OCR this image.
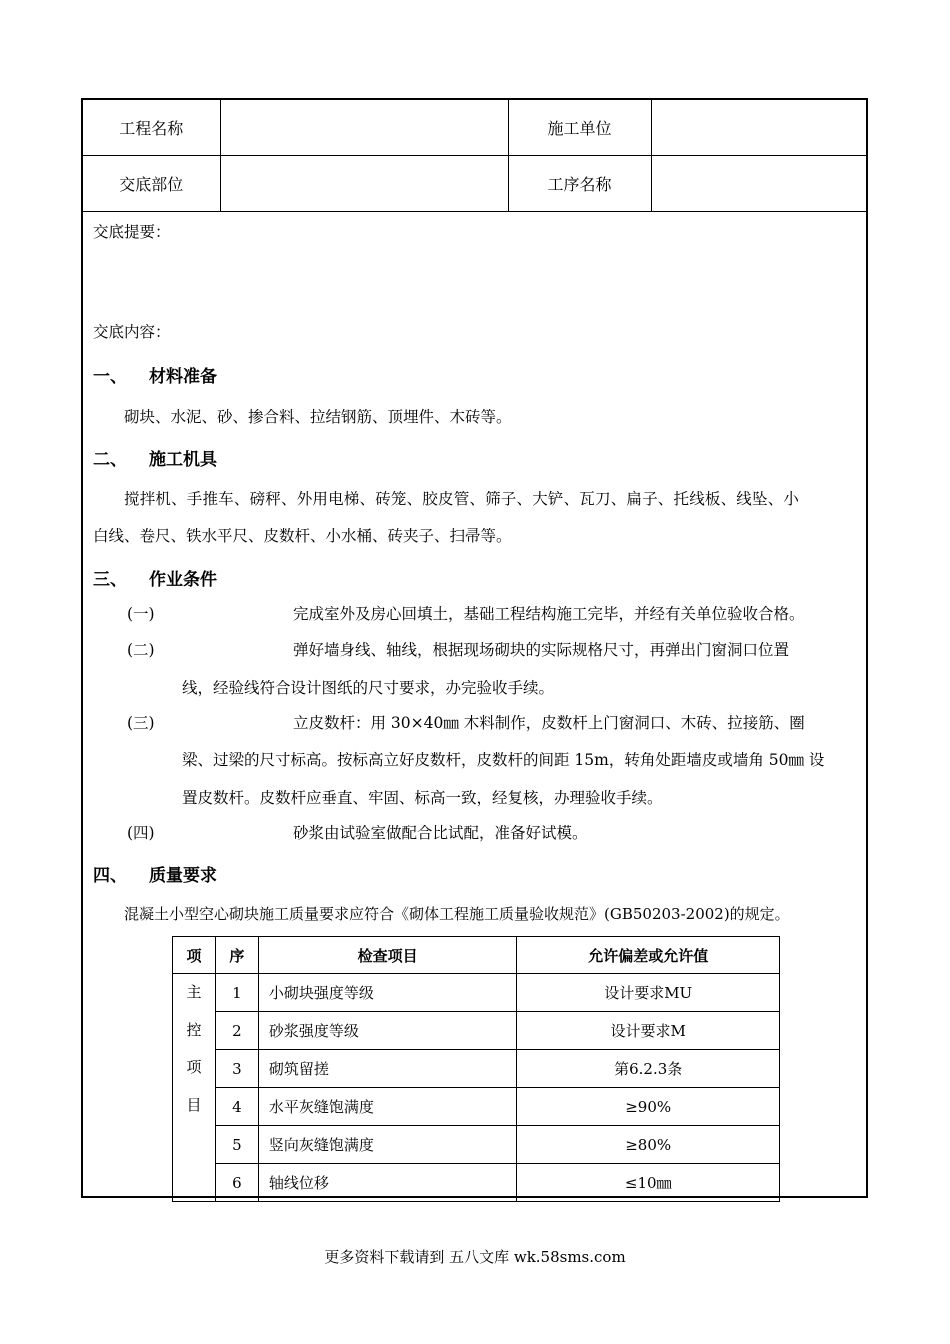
工程名称		施工单位	
交底部位		工序名称	
交底提要：
交底内容：
一、 材料准备
砌块、水泥、砂、掺合料、拉结钢筋、顶埋件、木砖等。
二、 施工机具
搅拌机、手推车、磅秤、外用电梯、砖笼、胶皮管、筛子、大铲、瓦刀、扁子、托线板、线坠、小
白线、卷尺、铁水平尺、皮数杆、小水桶、砖夹子、扫帚等。
三、 作业条件
(一)	完成室外及房心回填土，基础工程结构施工完毕，并经有关单位验收合格。
(二)	弹好墙身线、轴线，根据现场砌块的实际规格尺寸，再弹出门窗洞口位置
线，经验线符合设计图纸的尺寸要求，办完验收手续。
(三)	立皮数杆：用 30×40㎜ 木料制作，皮数杆上门窗洞口、木砖、拉接筋、圈
梁、过梁的尺寸标高。按标高立好皮数杆，皮数杆的间距 15m，转角处距墙皮或墙角 50㎜ 设
置皮数杆。皮数杆应垂直、牢固、标高一致，经复核，办理验收手续。
(四)	砂浆由试验室做配合比试配，准备好试模。
四、 质量要求
混凝土小型空心砌块施工质量要求应符合《砌体工程施工质量验收规范》(GB50203-2002)的规定。
项	序	检查项目	允许偏差或允许值

主
控
项
目	1	小砌块强度等级	设计要求MU
	2	砂浆强度等级	设计要求M
	3	砌筑留搓	第6.2.3条
	4	水平灰缝饱满度	≥90%
	5	竖向灰缝饱满度	≥80%
	6	轴线位移	≤10㎜
更多资料下载请到 五八文库 wk.58sms.com
